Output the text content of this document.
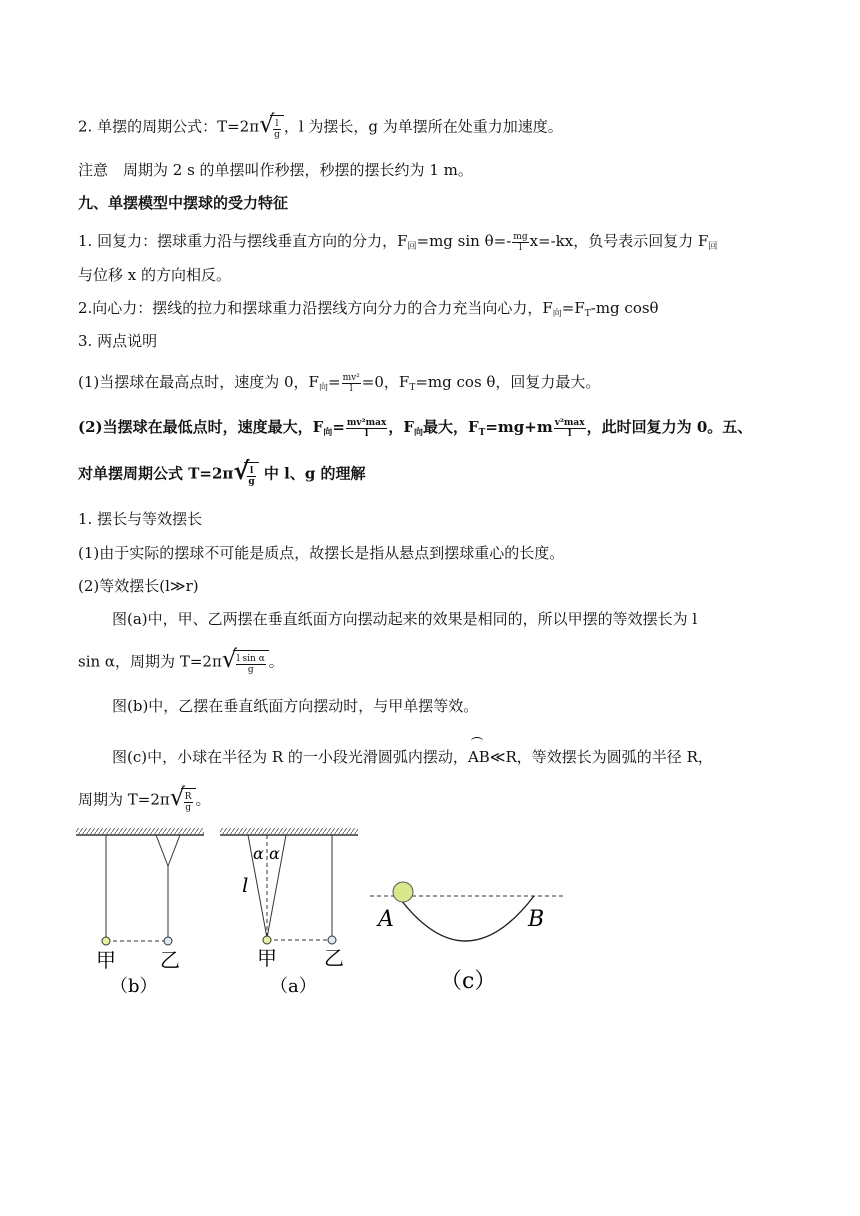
2. 单摆的周期公式：T=2π √
$\frac{l}{g}$ ，l 为摆长，g 为单摆所在处重力加速度。
注意　周期为 2 s 的单摆叫作秒摆，秒摆的摆长约为 1 m。
九、单摆模型中摆球的受力特征
1. 回复力：摆球重力沿与摆线垂直方向的分力，$F_回=mg$ $\sin \theta=- \frac{mg}{l} x=-kx$，负号表示回复力 $F_回$
与位移 x 的方向相反。
2.向心力：摆线的拉力和摆球重力沿摆线方向分力的合力充当向心力，$F_向=F_T-mg$ cosθ
3. 两点说明
(1)当摆球在最高点时，速度为 0，$F_向= \frac{\text{mv²}}{l} =0$，$F_T=mg$ cos θ，回复力最大。
(2)当摆球在最低点时，速度最大，$F_向= \frac{\text{mv²max}}{l}$ ，$F_向$最大，$F_T=mg+m \frac{\text{v²max}}{l}$ ，此时回复力为 0。五、
对单摆周期公式 T=2π √
$\frac{l}{g}$ 中 l、g 的理解
1. 摆长与等效摆长
(1)由于实际的摆球不可能是质点，故摆长是指从悬点到摆球重心的长度。
(2)等效摆长(l≫r)
图(a)中，甲、乙两摆在垂直纸面方向摆动起来的效果是相同的，所以甲摆的等效摆长为 l
sin α，周期为 T=2π √
$\frac{\text{l sin α}}{g}$ 。
图(b)中，乙摆在垂直纸面方向摆动时，与甲单摆等效。
图(c)中，小球在半径为 R 的一小段光滑圆弧内摆动，AB≪R，等效摆长为圆弧的半径 R，
周期为 T=2π √
$\frac{R}{g}$ 。
甲 乙
（b）
α α
l
甲 乙
（a）
A	B
（c）
